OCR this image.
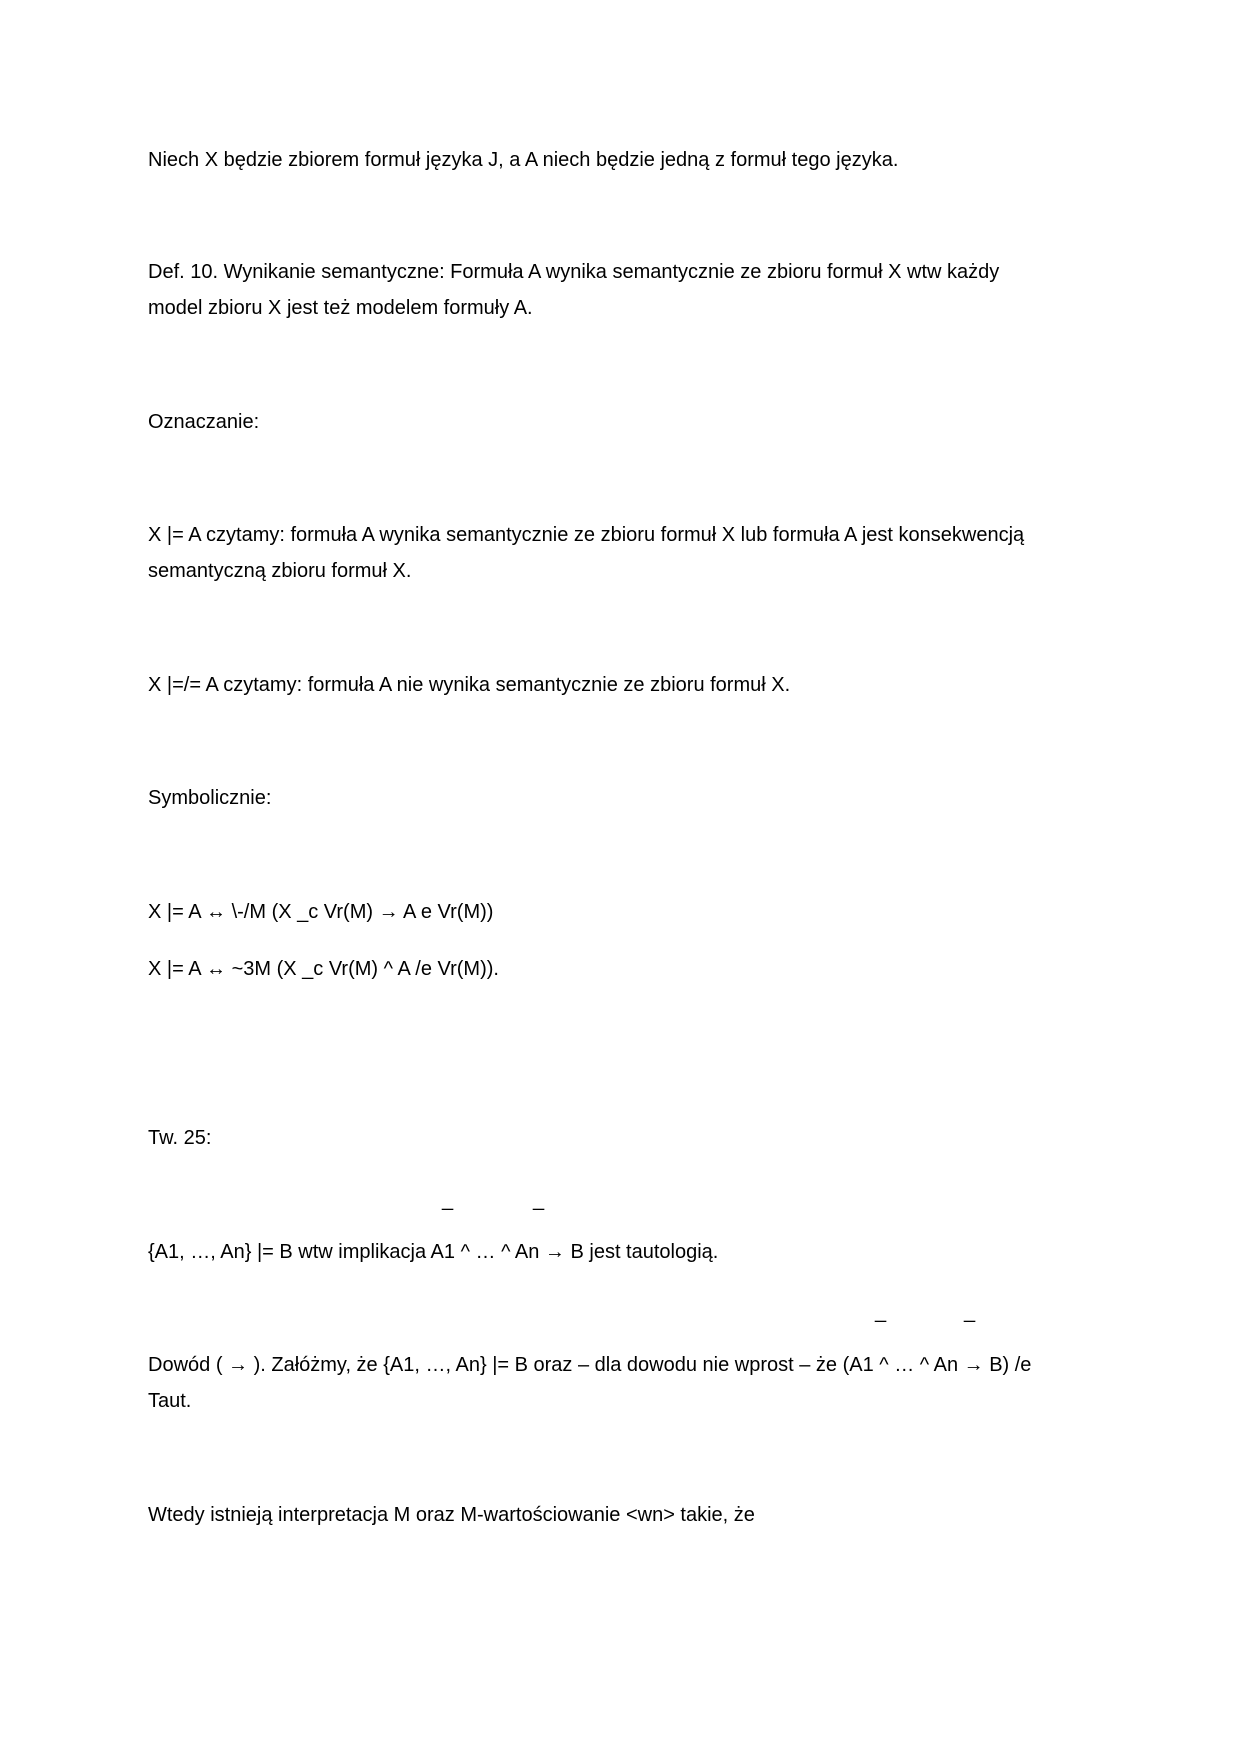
Niech X będzie zbiorem formuł języka J, a A niech będzie jedną z formuł tego języka.
Def. 10. Wynikanie semantyczne: Formuła A wynika semantycznie ze zbioru formuł X wtw każdy
model zbioru X jest też modelem formuły A.
Oznaczanie:
X |= A czytamy: formuła A wynika semantycznie ze zbioru formuł X lub formuła A jest konsekwencją
semantyczną zbioru formuł X.
X |=/= A czytamy: formuła A nie wynika semantycznie ze zbioru formuł X.
Symbolicznie:
X |= A ↔ \-/M (X _c Vr(M) → A e Vr(M))
X |= A ↔ ~3M (X _c Vr(M) ^ A /e Vr(M)).
Tw. 25:
_	_
{A1, …, An} |= B wtw implikacja A1 ^ … ^ An → B jest tautologią.
_	_
Dowód ( → ). Załóżmy, że {A1, …, An} |= B oraz – dla dowodu nie wprost – że (A1 ^ … ^ An → B) /e
Taut.
Wtedy istnieją interpretacja M oraz M-wartościowanie <wn> takie, że
